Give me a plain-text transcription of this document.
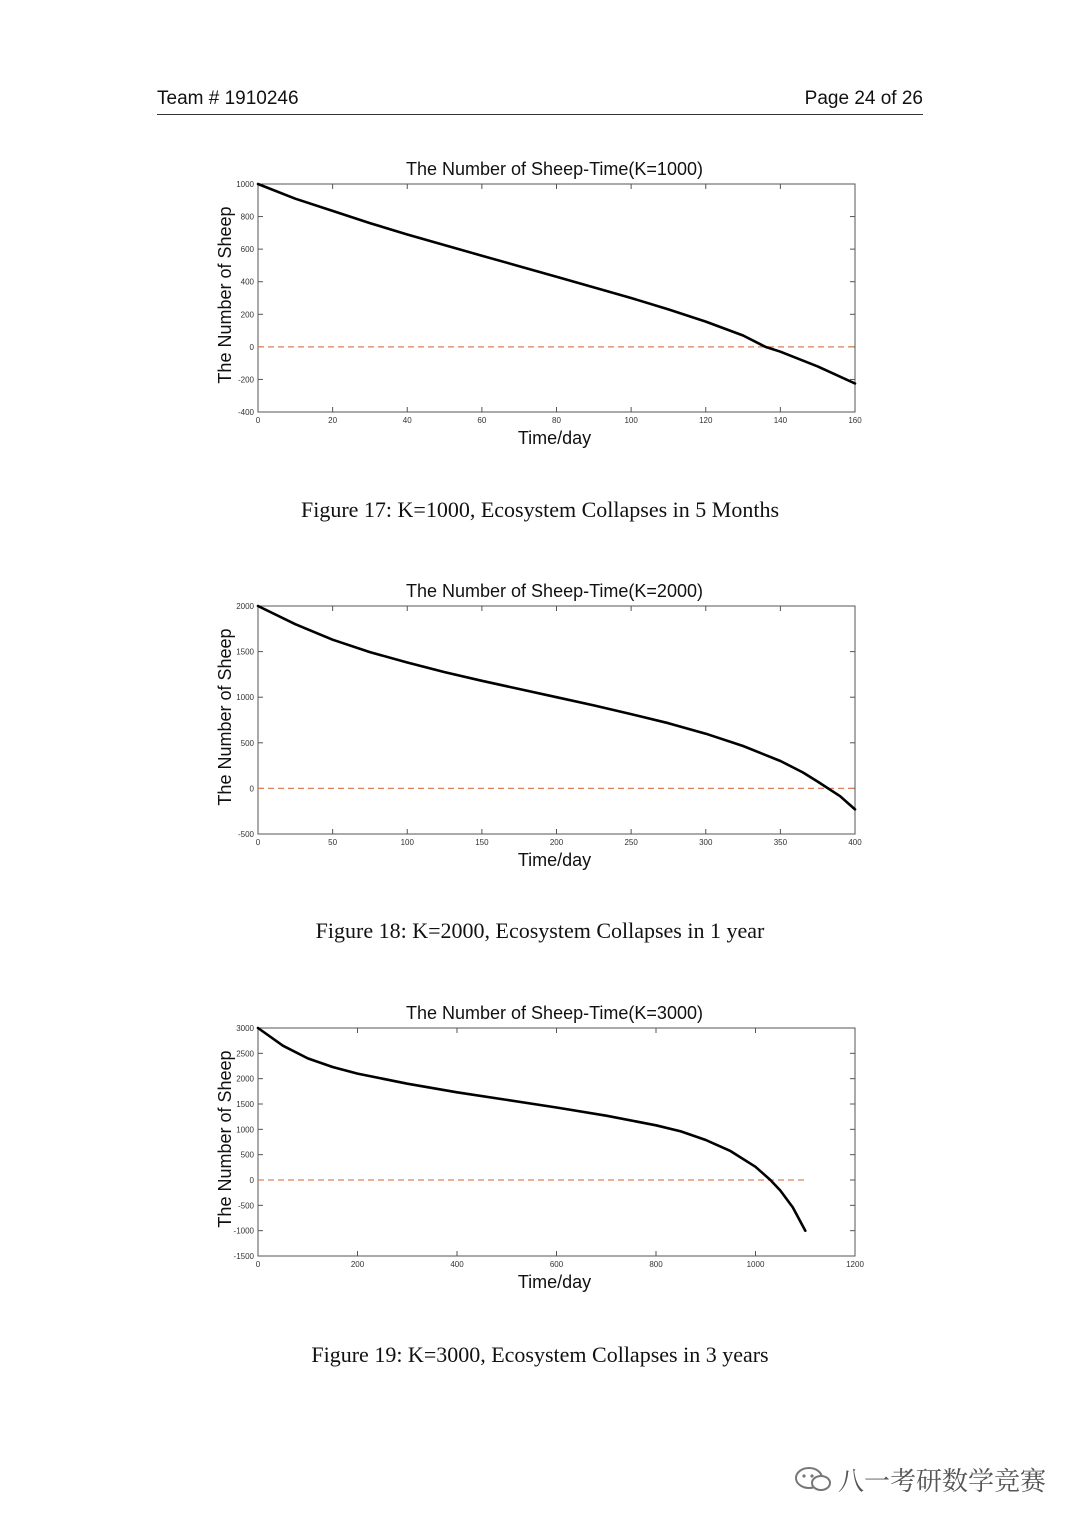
Team # 1910246	Page 24 of 26
The Number of Sheep-Time(K=1000)
0	20	40	60	80	100	120	140	160
-400
-200
0
200
400
600
800
1000
Time/day
The Number of Sheep
Figure 17: K=1000, Ecosystem Collapses in 5 Months
The Number of Sheep-Time(K=2000)
0	50	100	150	200	250	300	350	400
-500
0
500
1000
1500
2000
Time/day
The Number of Sheep
Figure 18: K=2000, Ecosystem Collapses in 1 year
The Number of Sheep-Time(K=3000)
0	200	400	600	800	1000	1200
-1500
-1000
-500
0
500
1000
1500
2000
2500
3000
Time/day
The Number of Sheep
Figure 19: K=3000, Ecosystem Collapses in 3 years
八一考研数学竞赛
